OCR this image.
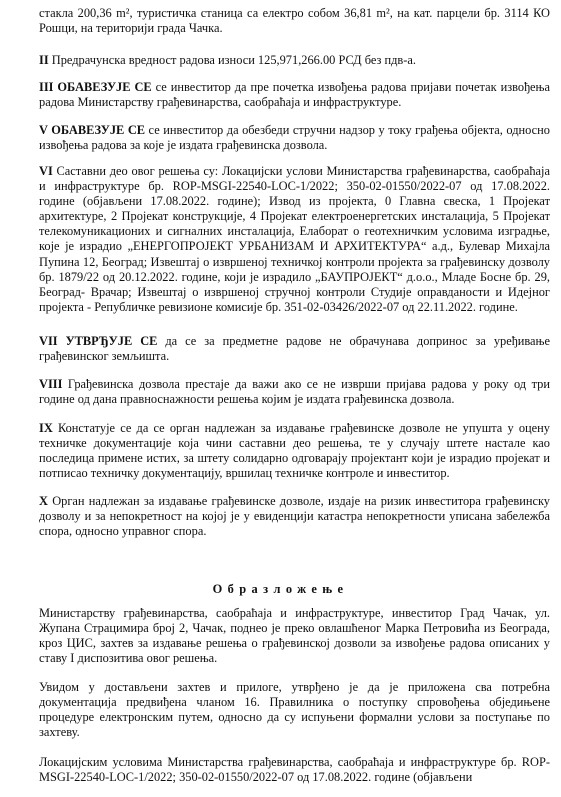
стакла 200,36 m², туристичка станица са електро собом 36,81 m², на кат. парцели бр. 3114 КО Рошци, на територији града Чачка.

II Предрачунска вредност радова износи 125,971,266.00 РСД без пдв-а.

III ОБАВЕЗУЈЕ СЕ се инвеститор да пре почетка извођења радова пријави почетак извођења радова Министарству грађевинарства, саобраћаја и инфраструктуре.

V ОБАВЕЗУЈЕ СЕ се инвеститор да обезбеди стручни надзор у току грађења објекта, односно извођења радова за које је издата грађевинска дозвола.

VI Саставни део овог решења су: Локацијски услови Министарства грађевинарства, саобраћаја и инфраструктуре бр. ROP-MSGI-22540-LOC-1/2022; 350-02-01550/2022-07 од 17.08.2022. године (објављени 17.08.2022. године); Извод из пројекта, 0 Главна свеска, 1 Пројекат архитектуре, 2 Пројекат конструкције, 4 Пројекат електроенергетских инсталација, 5 Пројекат телекомуникационих и сигналних инсталација, Елаборат о геотехничким условима изградње, које је израдио „ЕНЕРГОПРОЈЕКТ УРБАНИЗАМ И АРХИТЕКТУРА“ а.д., Булевар Михајла Пупина 12, Београд; Извештај о извршеној техничкој контроли пројекта за грађевинску дозволу бр. 1879/22 од 20.12.2022. године, који је израдило „БАУПРОЈЕКТ“ д.о.о., Младе Босне бр. 29, Београд- Врачар; Извештај о извршеној стручној контроли Студије оправданости и Идејног пројекта - Републичке ревизионе комисије бр. 351-02-03426/2022-07 од 22.11.2022. године.

VII УТВРЂУЈЕ СЕ да се за предметне радове не обрачунава допринос за уређивање грађевинског земљишта.

VIII Грађевинска дозвола престаје да важи ако се не изврши пријава радова у року од три године од дана правноснажности решења којим је издата грађевинска дозвола.

IX Констатује се да се орган надлежан за издавање грађевинске дозволе не упушта у оцену техничке документације која чини саставни део решења, те у случају штете настале као последица примене истих, за штету солидарно одговарају пројектант који је израдио пројекат и потписао техничку документацију, вршилац техничке контроле и инвеститор.

X Орган надлежан за издавање грађевинске дозволе, издаје на ризик инвеститора грађевинску дозволу и за непокретност на којој је у евиденцији катастра непокретности уписана забележба спора, односно управног спора.

Образложење

Министарству грађевинарства, саобраћаја и инфраструктуре, инвеститор Град Чачак, ул. Жупана Страцимира број 2, Чачак, поднео је преко овлашћеног Марка Петровића из Београда, кроз ЦИС, захтев за издавање решења о грађевинској дозволи за извођење радова описаних у ставу I диспозитива овог решења.

Увидом у достављени захтев и прилоге, утврђено је да је приложена сва потребна документација предвиђена чланом 16. Правилника о поступку спровођења обједињене процедуре електронским путем, односно да су испуњени формални услови за поступање по захтеву.

Локацијским условима Министарства грађевинарства, саобраћаја и инфраструктуре бр. ROP-MSGI-22540-LOC-1/2022; 350-02-01550/2022-07 од 17.08.2022. године (објављени
